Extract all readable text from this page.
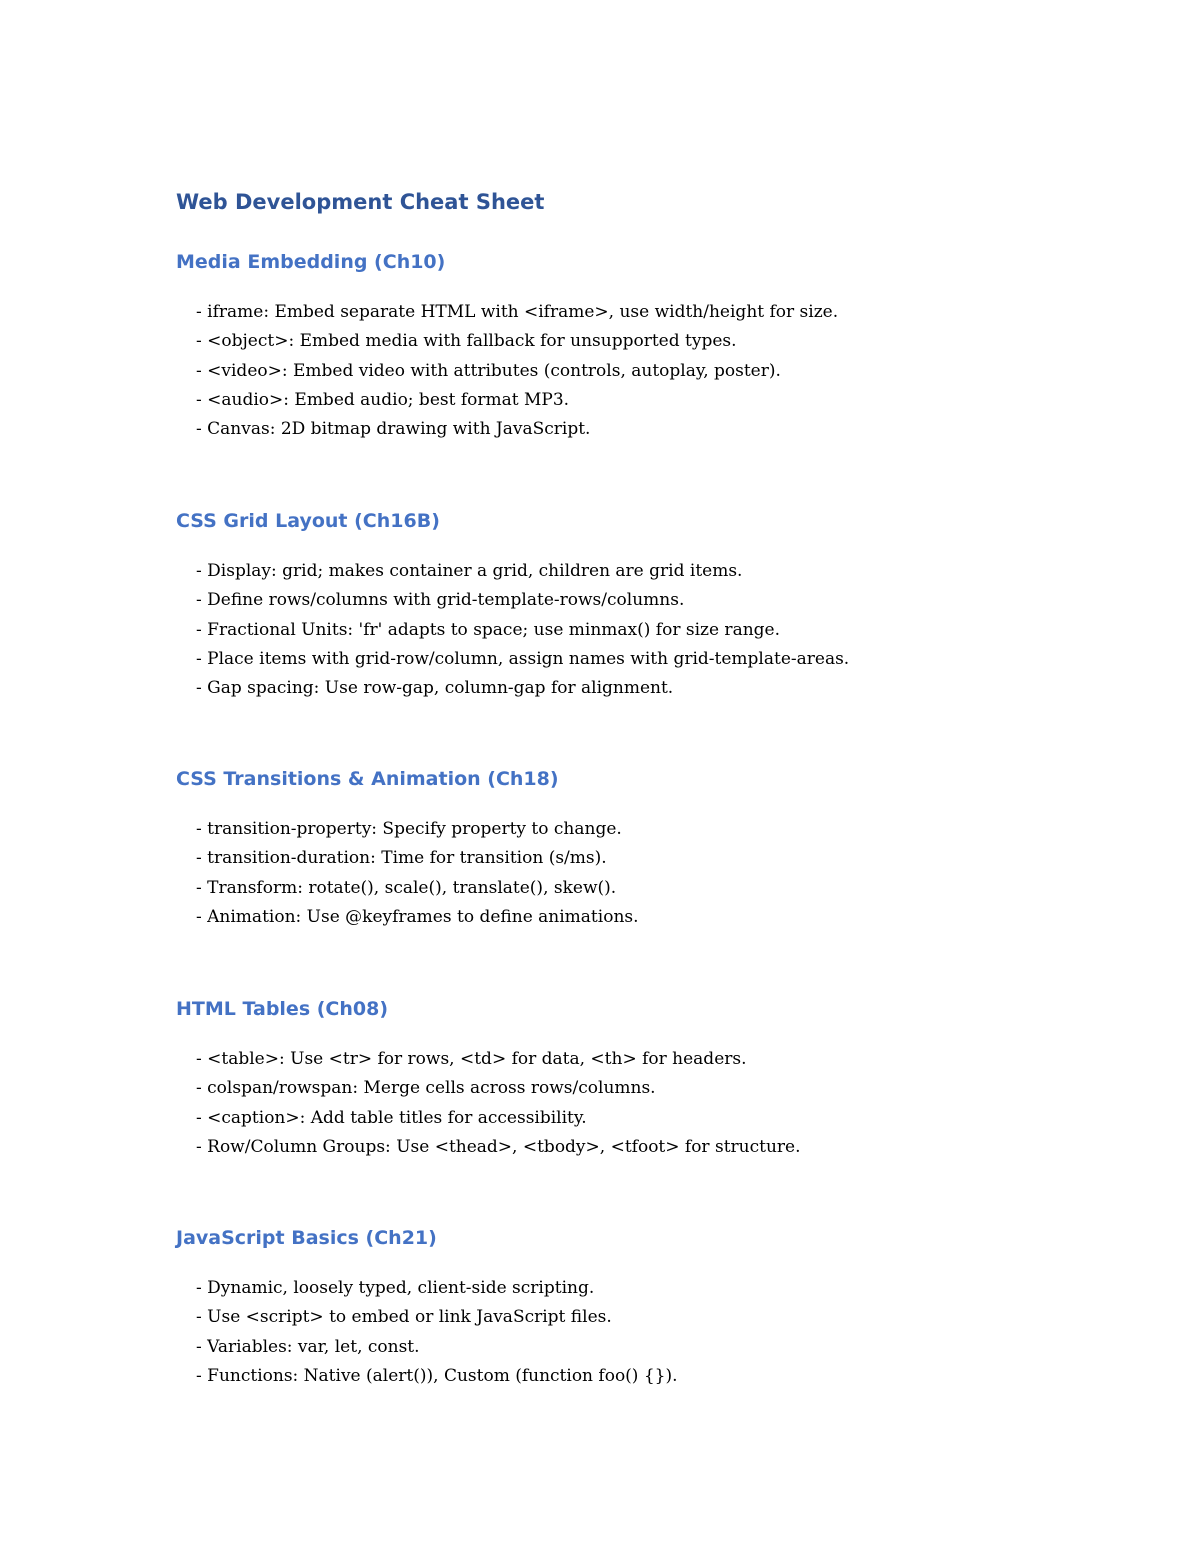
Web Development Cheat Sheet
Media Embedding (Ch10)
- iframe: Embed separate HTML with <iframe>, use width/height for size.
- <object>: Embed media with fallback for unsupported types.
- <video>: Embed video with attributes (controls, autoplay, poster).
- <audio>: Embed audio; best format MP3.
- Canvas: 2D bitmap drawing with JavaScript.
CSS Grid Layout (Ch16B)
- Display: grid; makes container a grid, children are grid items.
- Define rows/columns with grid-template-rows/columns.
- Fractional Units: 'fr' adapts to space; use minmax() for size range.
- Place items with grid-row/column, assign names with grid-template-areas.
- Gap spacing: Use row-gap, column-gap for alignment.
CSS Transitions & Animation (Ch18)
- transition-property: Specify property to change.
- transition-duration: Time for transition (s/ms).
- Transform: rotate(), scale(), translate(), skew().
- Animation: Use @keyframes to define animations.
HTML Tables (Ch08)
- <table>: Use <tr> for rows, <td> for data, <th> for headers.
- colspan/rowspan: Merge cells across rows/columns.
- <caption>: Add table titles for accessibility.
- Row/Column Groups: Use <thead>, <tbody>, <tfoot> for structure.
JavaScript Basics (Ch21)
- Dynamic, loosely typed, client-side scripting.
- Use <script> to embed or link JavaScript files.
- Variables: var, let, const.
- Functions: Native (alert()), Custom (function foo() {}).
